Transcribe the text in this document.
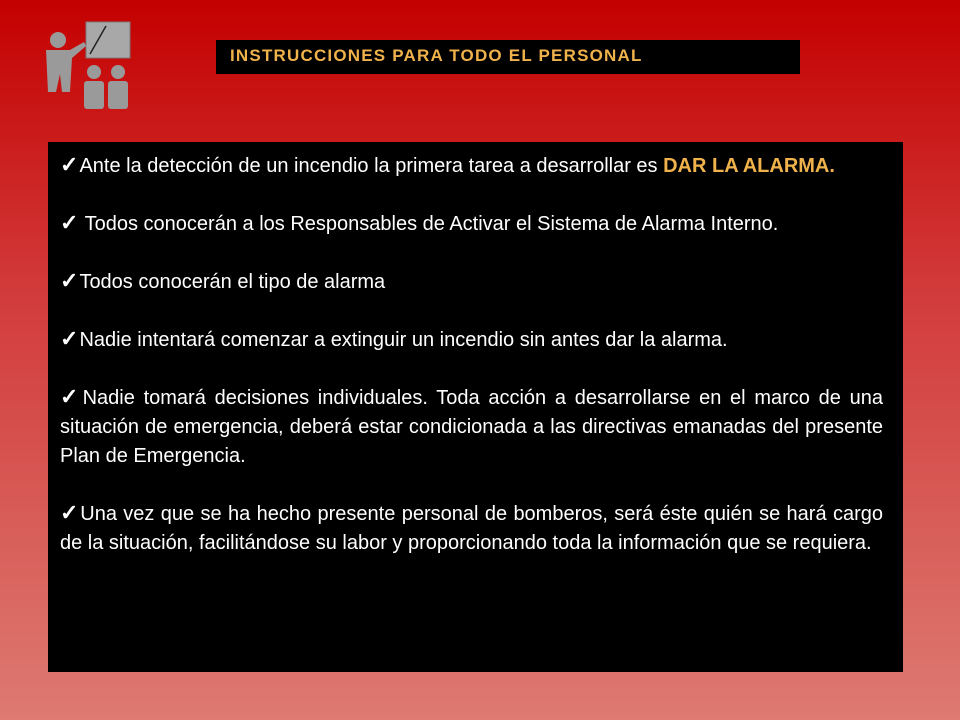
INSTRUCCIONES PARA TODO EL PERSONAL
✓Ante la detección de un incendio la primera tarea a desarrollar es DAR LA ALARMA.
✓ Todos conocerán a los Responsables de Activar el Sistema de Alarma Interno.
✓Todos conocerán el tipo de alarma
✓Nadie intentará comenzar a extinguir un incendio sin antes dar la alarma.
✓Nadie tomará decisiones individuales. Toda acción a desarrollarse en el marco de una situación de emergencia, deberá estar condicionada a las directivas emanadas del presente Plan de Emergencia.
✓Una vez que se ha hecho presente personal de bomberos, será éste quién se hará cargo de la situación, facilitándose su labor y proporcionando toda la información que se requiera.
